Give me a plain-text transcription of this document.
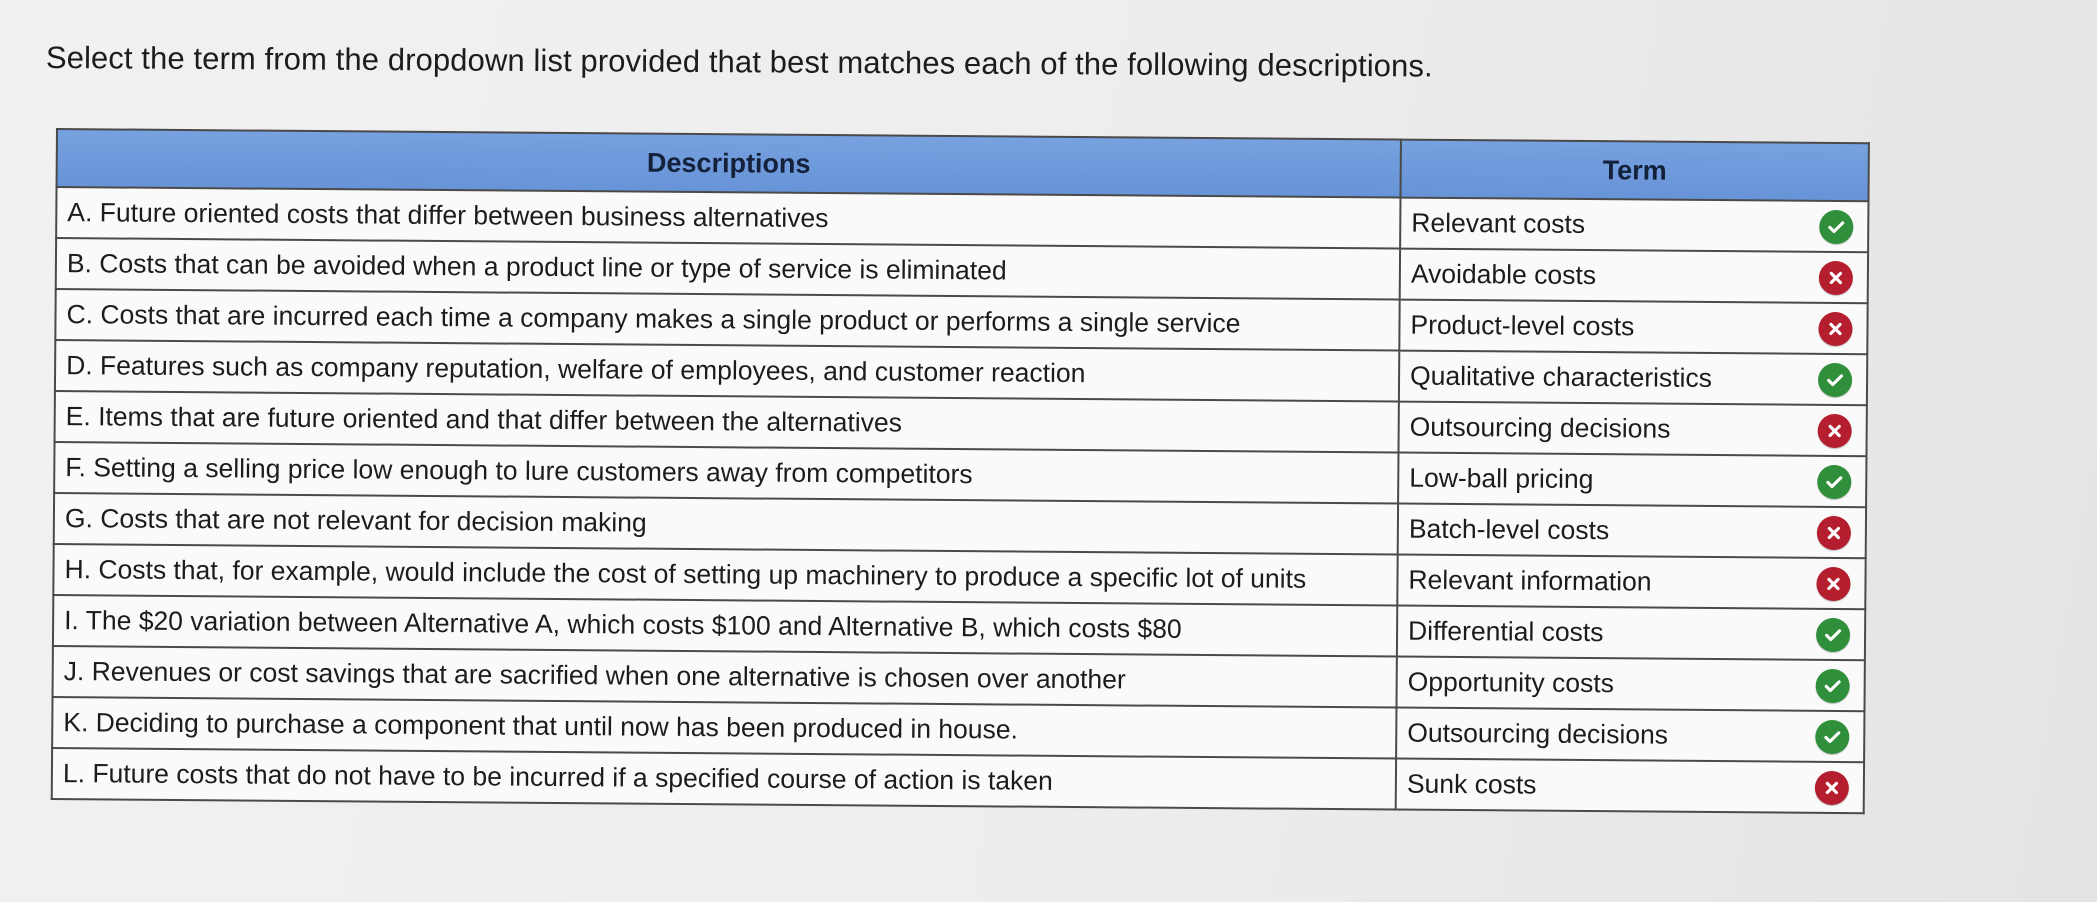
Select the term from the dropdown list provided that best matches each of the following descriptions.
Descriptions	Term
A. Future oriented costs that differ between business alternatives	Relevant costs

B. Costs that can be avoided when a product line or type of service is eliminated	Avoidable costs

C. Costs that are incurred each time a company makes a single product or performs a single service	Product-level costs

D. Features such as company reputation, welfare of employees, and customer reaction	Qualitative characteristics

E. Items that are future oriented and that differ between the alternatives	Outsourcing decisions

F. Setting a selling price low enough to lure customers away from competitors	Low-ball pricing

G. Costs that are not relevant for decision making	Batch-level costs

H. Costs that, for example, would include the cost of setting up machinery to produce a specific lot of units	Relevant information

I. The $20 variation between Alternative A, which costs $100 and Alternative B, which costs $80	Differential costs

J. Revenues or cost savings that are sacrified when one alternative is chosen over another	Opportunity costs

K. Deciding to purchase a component that until now has been produced in house.	Outsourcing decisions

L. Future costs that do not have to be incurred if a specified course of action is taken	Sunk costs
